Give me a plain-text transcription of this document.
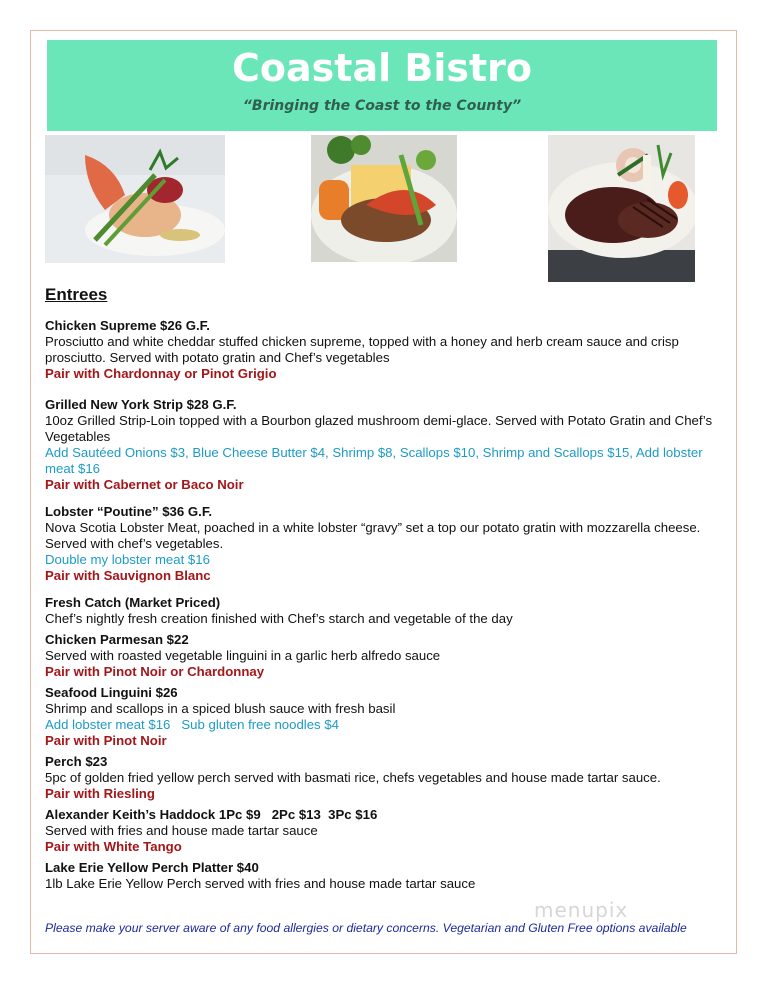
Coastal Bistro
“Bringing the Coast to the County”
Entrees
Chicken Supreme $26 G.F.
Prosciutto and white cheddar stuffed chicken supreme, topped with a honey and herb cream sauce and crisp prosciutto. Served with potato gratin and Chef’s vegetables
Pair with Chardonnay or Pinot Grigio
Grilled New York Strip $28 G.F.
10oz Grilled Strip-Loin topped with a Bourbon glazed mushroom demi-glace. Served with Potato Gratin and Chef’s Vegetables
Add Sautéed Onions $3, Blue Cheese Butter $4, Shrimp $8, Scallops $10, Shrimp and Scallops $15, Add lobster meat $16
Pair with Cabernet or Baco Noir
Lobster “Poutine” $36 G.F.
Nova Scotia Lobster Meat, poached in a white lobster “gravy” set a top our potato gratin with mozzarella cheese. Served with chef’s vegetables.
Double my lobster meat $16
Pair with Sauvignon Blanc
Fresh Catch (Market Priced)
Chef’s nightly fresh creation finished with Chef’s starch and vegetable of the day
Chicken Parmesan $22
Served with roasted vegetable linguini in a garlic herb alfredo sauce
Pair with Pinot Noir or Chardonnay
Seafood Linguini $26
Shrimp and scallops in a spiced blush sauce with fresh basil
Add lobster meat $16   Sub gluten free noodles $4
Pair with Pinot Noir
Perch $23
5pc of golden fried yellow perch served with basmati rice, chefs vegetables and house made tartar sauce.
Pair with Riesling
Alexander Keith’s Haddock 1Pc $9   2Pc $13  3Pc $16
Served with fries and house made tartar sauce
Pair with White Tango
Lake Erie Yellow Perch Platter $40
1lb Lake Erie Yellow Perch served with fries and house made tartar sauce
menupix
Please make your server aware of any food allergies or dietary concerns. Vegetarian and Gluten Free options available
